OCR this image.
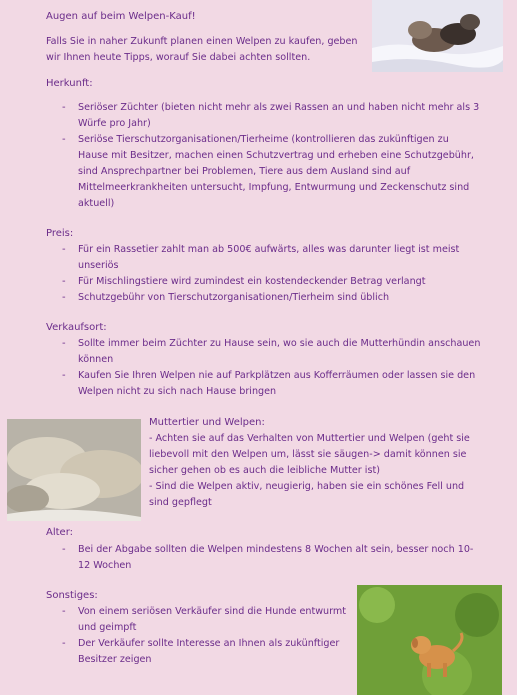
Augen auf beim Welpen-Kauf!
Falls Sie in naher Zukunft planen einen Welpen zu kaufen, geben
wir Ihnen heute Tipps, worauf Sie dabei achten sollten.
Herkunft:
- Seriöser Züchter (bieten nicht mehr als zwei Rassen an und haben nicht mehr als 3
Würfe pro Jahr)
- Seriöse Tierschutzorganisationen/Tierheime (kontrollieren das zukünftigen zu
Hause mit Besitzer, machen einen Schutzvertrag und erheben eine Schutzgebühr,
sind Ansprechpartner bei Problemen, Tiere aus dem Ausland sind auf
Mittelmeerkrankheiten untersucht, Impfung, Entwurmung und Zeckenschutz sind
aktuell)
Preis:
- Für ein Rassetier zahlt man ab 500€ aufwärts, alles was darunter liegt ist meist
unseriös
- Für Mischlingstiere wird zumindest ein kostendeckender Betrag verlangt
- Schutzgebühr von Tierschutzorganisationen/Tierheim sind üblich
Verkaufsort:
- Sollte immer beim Züchter zu Hause sein, wo sie auch die Mutterhündin anschauen
können
- Kaufen Sie Ihren Welpen nie auf Parkplätzen aus Kofferräumen oder lassen sie den
Welpen nicht zu sich nach Hause bringen
Muttertier und Welpen:
- Achten sie auf das Verhalten von Muttertier und Welpen (geht sie
liebevoll mit den Welpen um, lässt sie säugen-> damit können sie
sicher gehen ob es auch die leibliche Mutter ist)
- Sind die Welpen aktiv, neugierig, haben sie ein schönes Fell und
sind gepflegt
Alter:
- Bei der Abgabe sollten die Welpen mindestens 8 Wochen alt sein, besser noch 10-
12 Wochen
Sonstiges:
- Von einem seriösen Verkäufer sind die Hunde entwurmt
und geimpft
- Der Verkäufer sollte Interesse an Ihnen als zukünftiger
Besitzer zeigen
